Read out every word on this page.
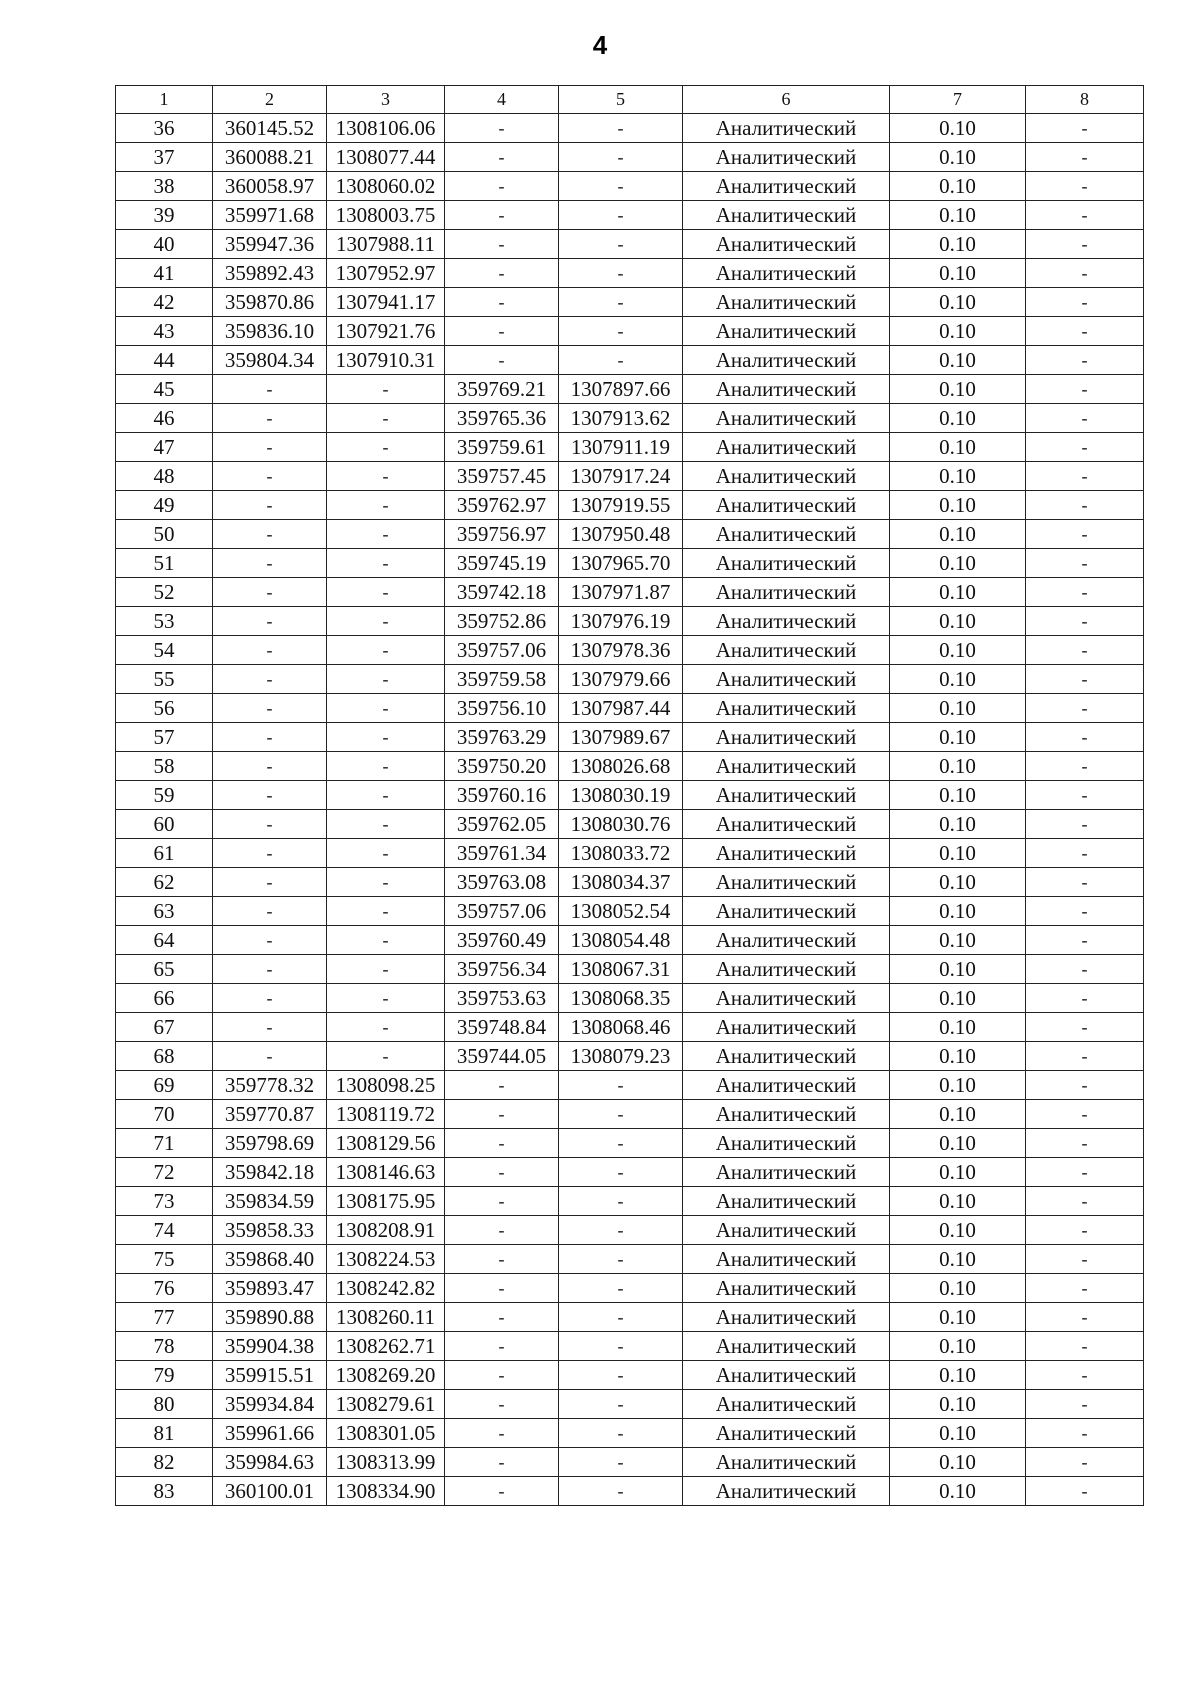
4
1	2	3	4	5	6	7	8
36	360145.52	1308106.06	-	-	Аналитический	0.10	-
37	360088.21	1308077.44	-	-	Аналитический	0.10	-
38	360058.97	1308060.02	-	-	Аналитический	0.10	-
39	359971.68	1308003.75	-	-	Аналитический	0.10	-
40	359947.36	1307988.11	-	-	Аналитический	0.10	-
41	359892.43	1307952.97	-	-	Аналитический	0.10	-
42	359870.86	1307941.17	-	-	Аналитический	0.10	-
43	359836.10	1307921.76	-	-	Аналитический	0.10	-
44	359804.34	1307910.31	-	-	Аналитический	0.10	-
45	-	-	359769.21	1307897.66	Аналитический	0.10	-
46	-	-	359765.36	1307913.62	Аналитический	0.10	-
47	-	-	359759.61	1307911.19	Аналитический	0.10	-
48	-	-	359757.45	1307917.24	Аналитический	0.10	-
49	-	-	359762.97	1307919.55	Аналитический	0.10	-
50	-	-	359756.97	1307950.48	Аналитический	0.10	-
51	-	-	359745.19	1307965.70	Аналитический	0.10	-
52	-	-	359742.18	1307971.87	Аналитический	0.10	-
53	-	-	359752.86	1307976.19	Аналитический	0.10	-
54	-	-	359757.06	1307978.36	Аналитический	0.10	-
55	-	-	359759.58	1307979.66	Аналитический	0.10	-
56	-	-	359756.10	1307987.44	Аналитический	0.10	-
57	-	-	359763.29	1307989.67	Аналитический	0.10	-
58	-	-	359750.20	1308026.68	Аналитический	0.10	-
59	-	-	359760.16	1308030.19	Аналитический	0.10	-
60	-	-	359762.05	1308030.76	Аналитический	0.10	-
61	-	-	359761.34	1308033.72	Аналитический	0.10	-
62	-	-	359763.08	1308034.37	Аналитический	0.10	-
63	-	-	359757.06	1308052.54	Аналитический	0.10	-
64	-	-	359760.49	1308054.48	Аналитический	0.10	-
65	-	-	359756.34	1308067.31	Аналитический	0.10	-
66	-	-	359753.63	1308068.35	Аналитический	0.10	-
67	-	-	359748.84	1308068.46	Аналитический	0.10	-
68	-	-	359744.05	1308079.23	Аналитический	0.10	-
69	359778.32	1308098.25	-	-	Аналитический	0.10	-
70	359770.87	1308119.72	-	-	Аналитический	0.10	-
71	359798.69	1308129.56	-	-	Аналитический	0.10	-
72	359842.18	1308146.63	-	-	Аналитический	0.10	-
73	359834.59	1308175.95	-	-	Аналитический	0.10	-
74	359858.33	1308208.91	-	-	Аналитический	0.10	-
75	359868.40	1308224.53	-	-	Аналитический	0.10	-
76	359893.47	1308242.82	-	-	Аналитический	0.10	-
77	359890.88	1308260.11	-	-	Аналитический	0.10	-
78	359904.38	1308262.71	-	-	Аналитический	0.10	-
79	359915.51	1308269.20	-	-	Аналитический	0.10	-
80	359934.84	1308279.61	-	-	Аналитический	0.10	-
81	359961.66	1308301.05	-	-	Аналитический	0.10	-
82	359984.63	1308313.99	-	-	Аналитический	0.10	-
83	360100.01	1308334.90	-	-	Аналитический	0.10	-
